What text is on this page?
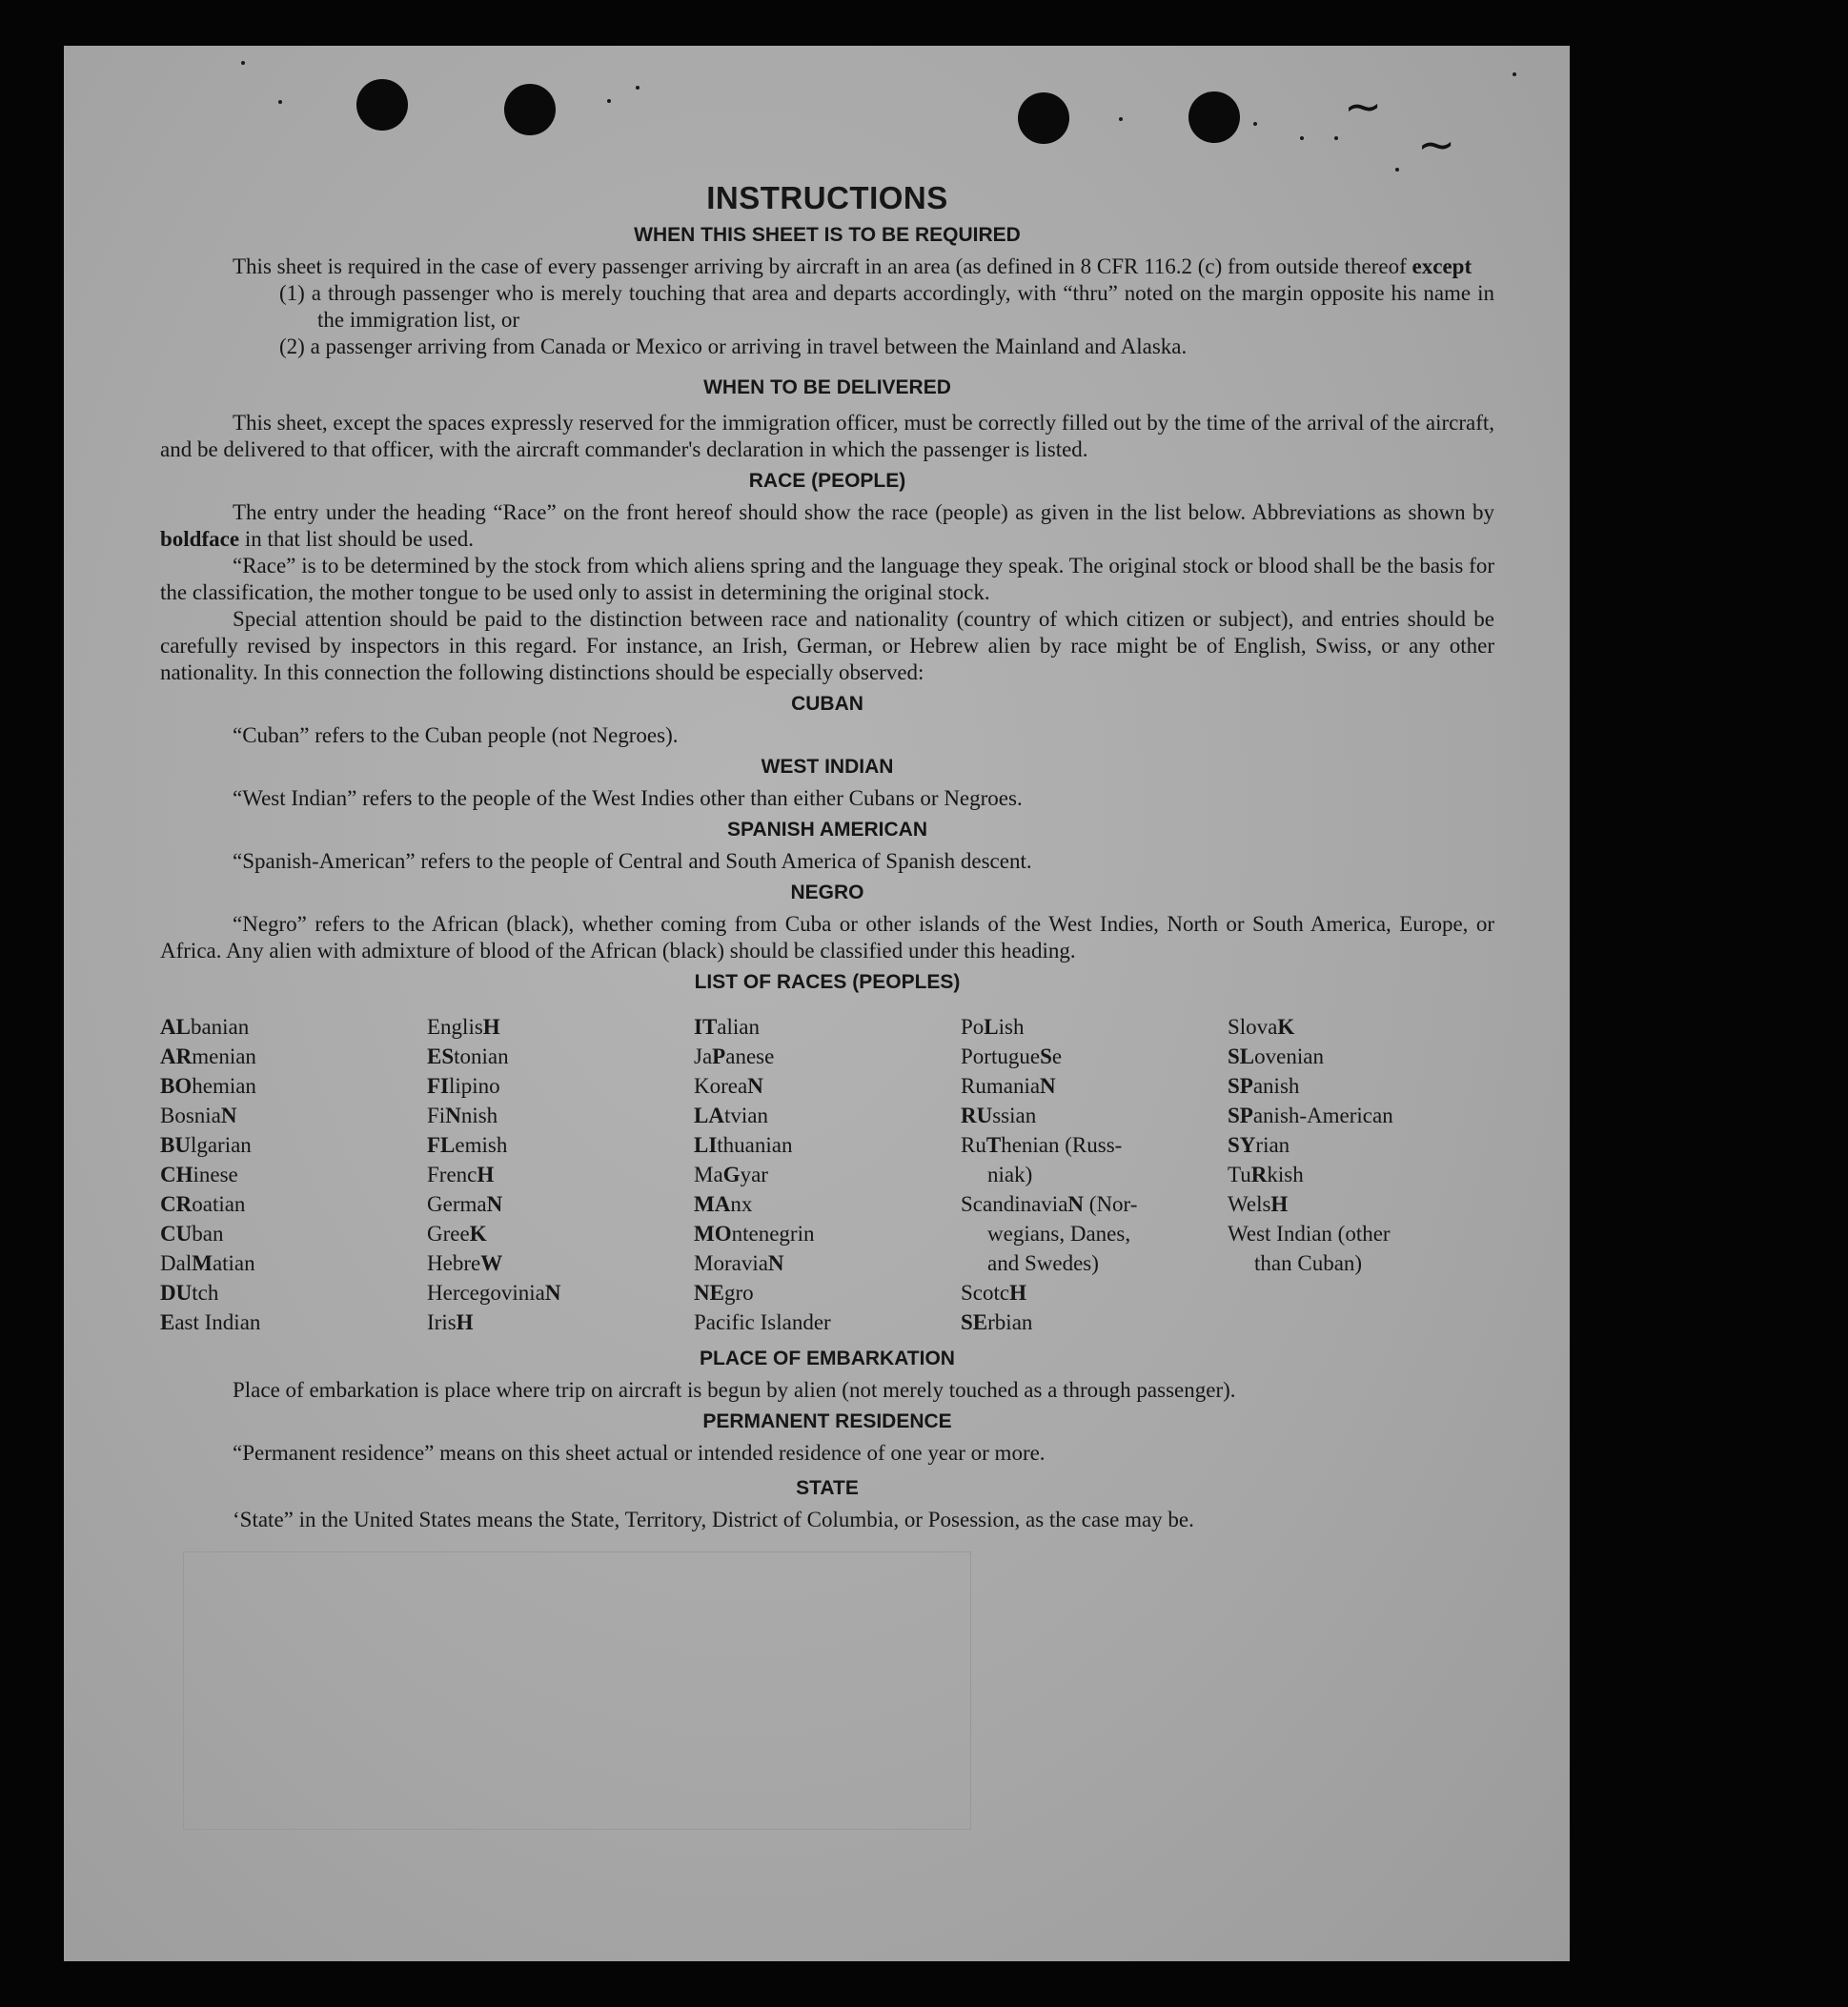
~
~
INSTRUCTIONS
WHEN THIS SHEET IS TO BE REQUIRED

This sheet is required in the case of every passenger arriving by aircraft in an area (as defined in 8 CFR 116.2 (c) from outside thereof except

(1) a through passenger who is merely touching that area and departs accordingly, with “thru” noted on the margin opposite his name in the immigration list, or

(2) a passenger arriving from Canada or Mexico or arriving in travel between the Mainland and Alaska.

WHEN TO BE DELIVERED

This sheet, except the spaces expressly reserved for the immigration officer, must be correctly filled out by the time of the arrival of the aircraft, and be delivered to that officer, with the aircraft commander's declaration in which the passenger is listed.

RACE (PEOPLE)

The entry under the heading “Race” on the front hereof should show the race (people) as given in the list below. Abbreviations as shown by boldface in that list should be used.

“Race” is to be determined by the stock from which aliens spring and the language they speak. The original stock or blood shall be the basis for the classification, the mother tongue to be used only to assist in determining the original stock.

Special attention should be paid to the distinction between race and nationality (country of which citizen or subject), and entries should be carefully revised by inspectors in this regard. For instance, an Irish, German, or Hebrew alien by race might be of English, Swiss, or any other nationality. In this connection the following distinctions should be especially observed:

CUBAN

“Cuban” refers to the Cuban people (not Negroes).

WEST INDIAN

“West Indian” refers to the people of the West Indies other than either Cubans or Negroes.

SPANISH AMERICAN

“Spanish-American” refers to the people of Central and South America of Spanish descent.

NEGRO

“Negro” refers to the African (black), whether coming from Cuba or other islands of the West Indies, North or South America, Europe, or Africa. Any alien with admixture of blood of the African (black) should be classified under this heading.

LIST OF RACES (PEOPLES)
ALbanian
ARmenian
BOhemian
BosniaN
BUlgarian
CHinese
CRoatian
CUban
DalMatian
DUtch
East Indian
EnglisH
EStonian
FIlipino
FiNnish
FLemish
FrencH
GermaN
GreeK
HebreW
HercegoviniaN
IrisH
ITalian
JaPanese
KoreaN
LAtvian
LIthuanian
MaGyar
MAnx
MOntenegrin
MoraviaN
NEgro
Pacific Islander
PoLish
PortugueSe
RumaniaN
RUssian
RuThenian (Russ-
niak)
ScandinaviaN (Nor-
wegians, Danes,
and Swedes)
ScotcH
SErbian
SlovaK
SLovenian
SPanish
SPanish-American
SYrian
TuRkish
WelsH
West Indian (other
than Cuban)
PLACE OF EMBARKATION

Place of embarkation is place where trip on aircraft is begun by alien (not merely touched as a through passenger).

PERMANENT RESIDENCE

“Permanent residence” means on this sheet actual or intended residence of one year or more.

STATE

‘State” in the United States means the State, Territory, District of Columbia, or Posession, as the case may be.
